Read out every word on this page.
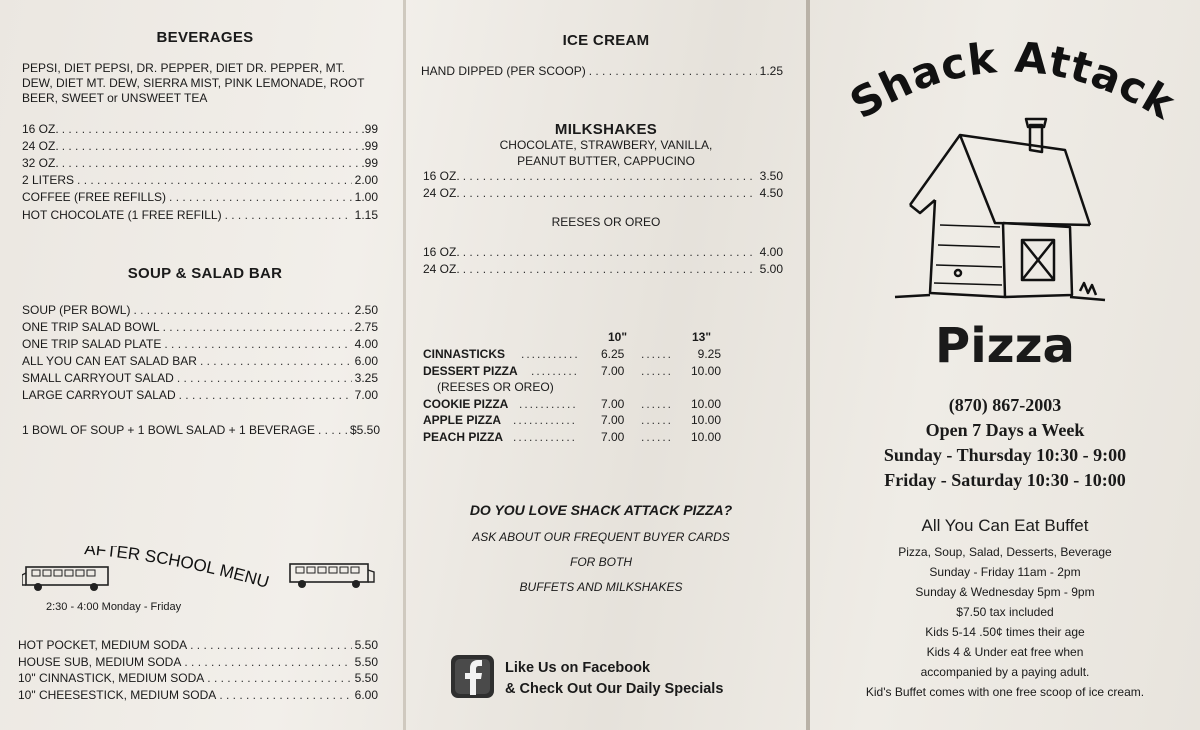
BEVERAGES
PEPSI, DIET PEPSI, DR. PEPPER, DIET DR. PEPPER, MT. DEW, DIET MT. DEW, SIERRA MIST, PINK LEMONADE, ROOT BEER, SWEET or UNSWEET TEA
16 OZ. . . .	.99
24 OZ. . . .	.99
32 OZ. . . .	.99
2 LITERS . . .	2.00
COFFEE (FREE REFILLS) . . .	1.00
HOT CHOCOLATE (1 FREE REFILL) . . .	1.15
SOUP & SALAD BAR
SOUP (PER BOWL) . . .	2.50
ONE TRIP SALAD BOWL . . .	2.75
ONE TRIP SALAD PLATE . . .	4.00
ALL YOU CAN EAT SALAD BAR . . .	6.00
SMALL CARRYOUT SALAD . . .	3.25
LARGE CARRYOUT SALAD . . .	7.00
1 BOWL OF SOUP + 1 BOWL SALAD + 1 BEVERAGE . . .	$5.50
AFTER SCHOOL MENU
2:30 - 4:00 Monday - Friday
HOT POCKET, MEDIUM SODA . . .	5.50
HOUSE SUB, MEDIUM SODA . . .	5.50
10" CINNASTICK, MEDIUM SODA . . .	5.50
10" CHEESESTICK, MEDIUM SODA . . .	6.00
ICE CREAM
HAND DIPPED (PER SCOOP) . . .	1.25
MILKSHAKES
CHOCOLATE, STRAWBERY, VANILLA,
PEANUT BUTTER, CAPPUCINO
16 OZ. . . .	3.50
24 OZ. . . .	4.50
REESES OR OREO
16 OZ. . . .	4.00
24 OZ. . . .	5.00
10"	13"
CINNASTICKS	...........	6.25	......	9.25
DESSERT PIZZA	.........	7.00	......	10.00
(REESES OR OREO)
COOKIE PIZZA ...........	7.00	......	10.00
APPLE PIZZA ............	7.00	......	10.00
PEACH PIZZA ............	7.00	......	10.00
DO YOU LOVE SHACK ATTACK PIZZA?
ASK ABOUT OUR FREQUENT BUYER CARDS
FOR BOTH
BUFFETS AND MILKSHAKES
Like Us on Facebook
& Check Out Our Daily Specials
Shack Attack
Pizza
(870) 867-2003
Open 7 Days a Week
Sunday - Thursday 10:30 - 9:00
Friday - Saturday 10:30 - 10:00
All You Can Eat Buffet
Pizza, Soup, Salad, Desserts, Beverage
Sunday - Friday 11am - 2pm
Sunday & Wednesday 5pm - 9pm
$7.50 tax included
Kids 5-14 .50¢ times their age
Kids 4 & Under eat free when
accompanied by a paying adult.
Kid's Buffet comes with one free scoop of ice cream.
